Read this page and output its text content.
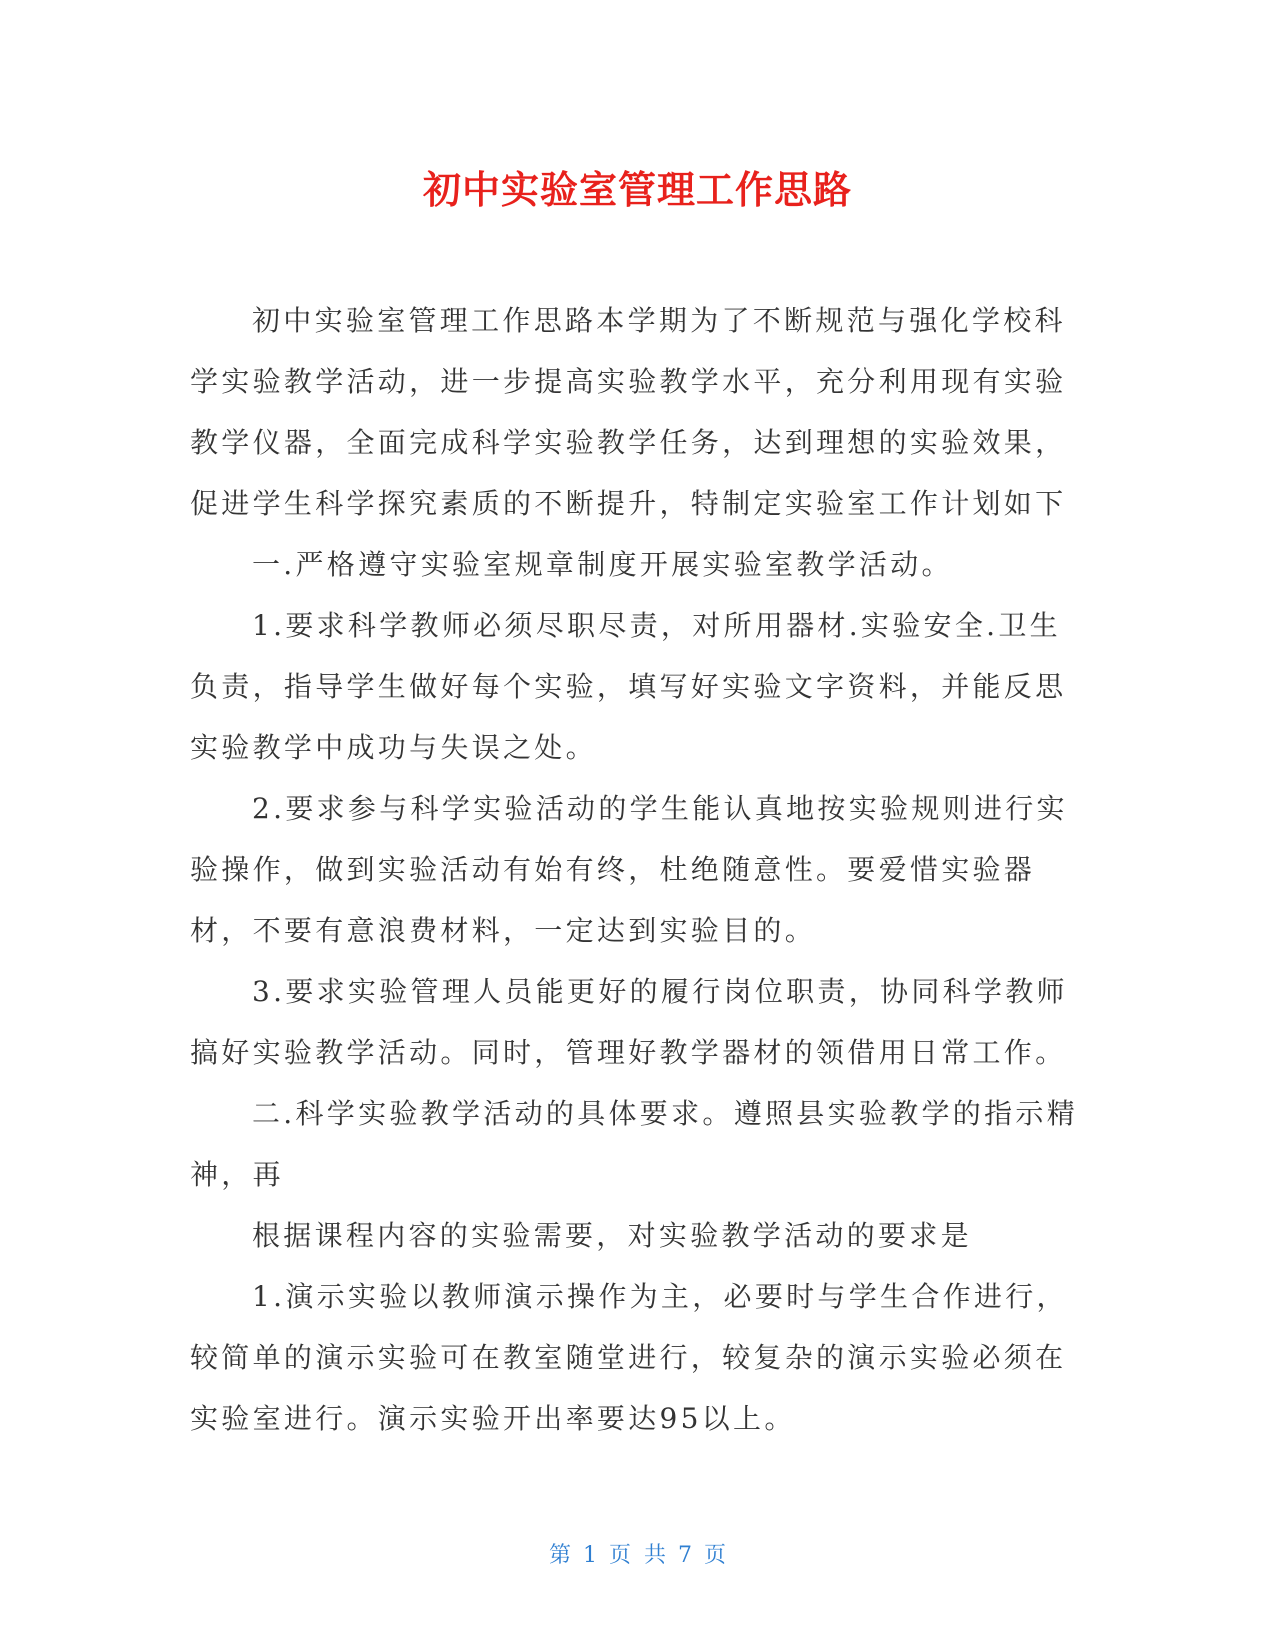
初中实验室管理工作思路

初中实验室管理工作思路本学期为了不断规范与强化学校科学实验教学活动，进一步提高实验教学水平，充分利用现有实验教学仪器，全面完成科学实验教学任务，达到理想的实验效果，促进学生科学探究素质的不断提升，特制定实验室工作计划如下

一.严格遵守实验室规章制度开展实验室教学活动。

1.要求科学教师必须尽职尽责，对所用器材.实验安全.卫生负责，指导学生做好每个实验，填写好实验文字资料，并能反思实验教学中成功与失误之处。

2.要求参与科学实验活动的学生能认真地按实验规则进行实验操作，做到实验活动有始有终，杜绝随意性。要爱惜实验器材，不要有意浪费材料，一定达到实验目的。

3.要求实验管理人员能更好的履行岗位职责，协同科学教师搞好实验教学活动。同时，管理好教学器材的领借用日常工作。

二.科学实验教学活动的具体要求。遵照县实验教学的指示精神，再

根据课程内容的实验需要，对实验教学活动的要求是

1.演示实验以教师演示操作为主，必要时与学生合作进行，较简单的演示实验可在教室随堂进行，较复杂的演示实验必须在实验室进行。演示实验开出率要达95以上。

第 1 页 共 7 页
